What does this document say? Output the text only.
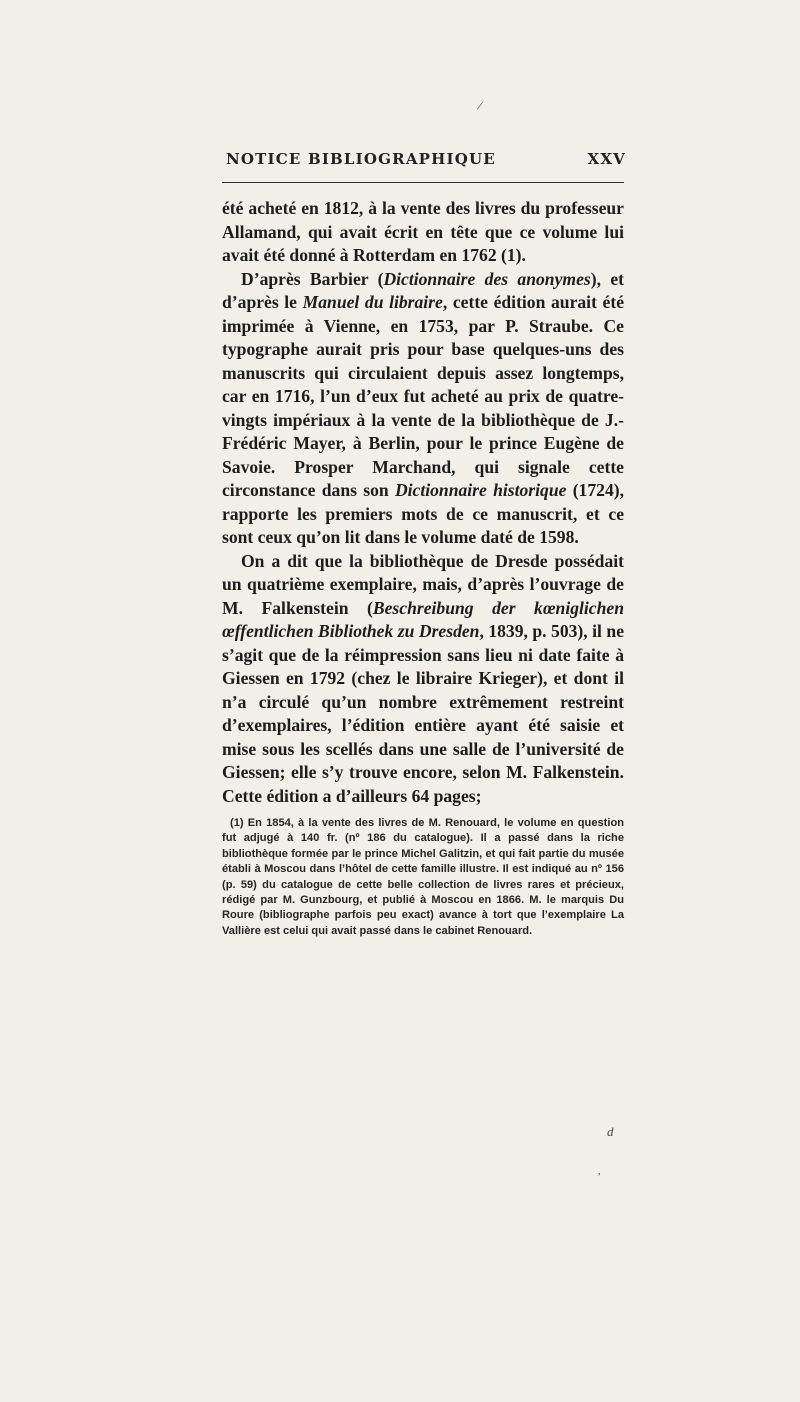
NOTICE BIBLIOGRAPHIQUE	XXV

été acheté en 1812, à la vente des livres du professeur Allamand, qui avait écrit en tête que ce volume lui avait été donné à Rotterdam en 1762 (1).

D’après Barbier (Dictionnaire des anonymes), et d’après le Manuel du libraire, cette édition aurait été imprimée à Vienne, en 1753, par P. Straube. Ce typographe aurait pris pour base quelques-uns des manuscrits qui circulaient depuis assez longtemps, car en 1716, l’un d’eux fut acheté au prix de quatre-vingts impériaux à la vente de la bibliothèque de J.-Frédéric Mayer, à Berlin, pour le prince Eugène de Savoie. Prosper Marchand, qui signale cette circonstance dans son Dictionnaire historique (1724), rapporte les premiers mots de ce manuscrit, et ce sont ceux qu’on lit dans le volume daté de 1598.

On a dit que la bibliothèque de Dresde possédait un quatrième exemplaire, mais, d’après l’ouvrage de M. Falkenstein (Beschreibung der kœniglichen œffentlichen Bibliothek zu Dresden, 1839, p. 503), il ne s’agit que de la réimpression sans lieu ni date faite à Giessen en 1792 (chez le libraire Krieger), et dont il n’a circulé qu’un nombre extrêmement restreint d’exemplaires, l’édition entière ayant été saisie et mise sous les scellés dans une salle de l’université de Giessen; elle s’y trouve encore, selon M. Falkenstein. Cette édition a d’ailleurs 64 pages;

(1) En 1854, à la vente des livres de M. Renouard, le volume en question fut adjugé à 140 fr. (nº 186 du catalogue). Il a passé dans la riche bibliothèque formée par le prince Michel Galitzin, et qui fait partie du musée établi à Moscou dans l’hôtel de cette famille illustre. Il est indiqué au nº 156 (p. 59) du catalogue de cette belle collection de livres rares et précieux, rédigé par M. Gunzbourg, et publié à Moscou en 1866. M. le marquis Du Roure (bibliographe parfois peu exact) avance à tort que l’exemplaire La Vallière est celui qui avait passé dans le cabinet Renouard.
d
/
,
